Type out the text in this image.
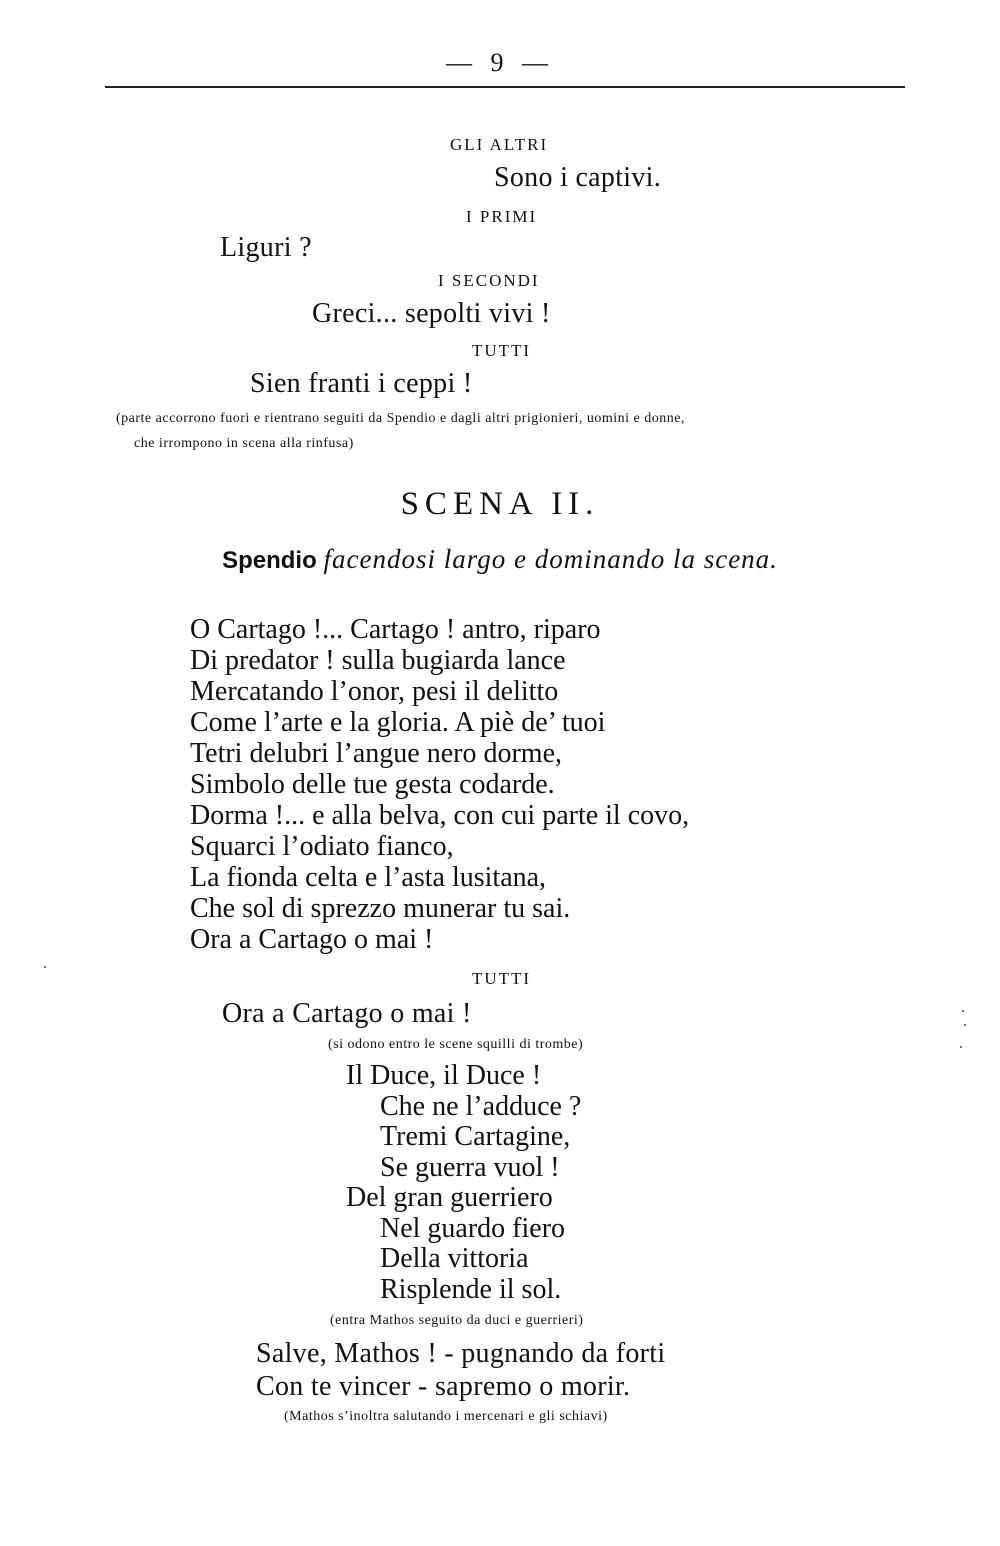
— 9 —
GLI ALTRI
Sono i captivi.
I PRIMI
Liguri ?
I SECONDI
Greci... sepolti vivi !
TUTTI
Sien franti i ceppi !
(parte accorrono fuori e rientrano seguiti da Spendio e dagli altri prigionieri, uomini e donne,
che irrompono in scena alla rinfusa)
SCENA II.
Spendio facendosi largo e dominando la scena.
O Cartago !... Cartago ! antro, riparo
Di predator ! sulla bugiarda lance
Mercatando l’onor, pesi il delitto
Come l’arte e la gloria. A piè de’ tuoi
Tetri delubri l’angue nero dorme,
Simbolo delle tue gesta codarde.
Dorma !... e alla belva, con cui parte il covo,
Squarci l’odiato fianco,
La fionda celta e l’asta lusitana,
Che sol di sprezzo munerar tu sai.
Ora a Cartago o mai !
TUTTI
Ora a Cartago o mai !
(si odono entro le scene squilli di trombe)
Il Duce, il Duce !
Che ne l’adduce ?
Tremi Cartagine,
Se guerra vuol !
Del gran guerriero
Nel guardo fiero
Della vittoria
Risplende il sol.
(entra Mathos seguito da duci e guerrieri)
Salve, Mathos ! - pugnando da forti
Con te vincer - sapremo o morir.
(Mathos s’inoltra salutando i mercenari e gli schiavi)
